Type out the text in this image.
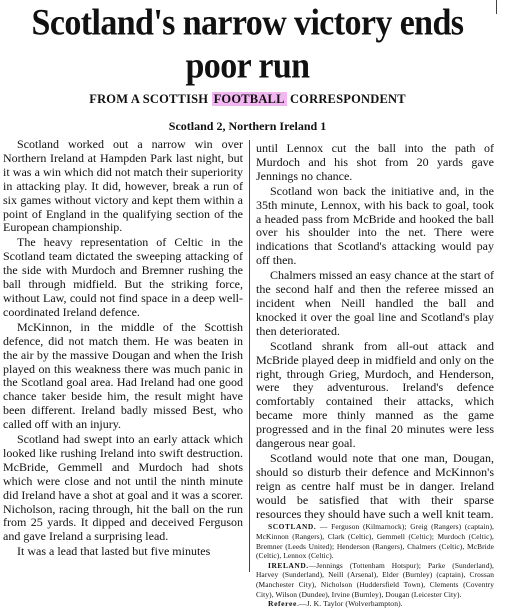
Scotland's narrow victory ends
poor run
FROM A SCOTTISH FOOTBALL CORRESPONDENT
Scotland 2, Northern Ireland 1

Scotland worked out a narrow win over Northern Ireland at Hampden Park last night, but it was a win which did not match their superiority in attacking play. It did, however, break a run of six games without victory and kept them within a point of England in the qualifying section of the European championship.

The heavy representation of Celtic in the Scotland team dictated the sweeping attacking of the side with Murdoch and Bremner rushing the ball through midfield. But the striking force, without Law, could not find space in a deep well-coordinated Ireland defence.

McKinnon, in the middle of the Scottish defence, did not match them. He was beaten in the air by the massive Dougan and when the Irish played on this weakness there was much panic in the Scotland goal area. Had Ireland had one good chance taker beside him, the result might have been different. Ireland badly missed Best, who called off with an injury.

Scotland had swept into an early attack which looked like rushing Ireland into swift destruction. McBride, Gemmell and Murdoch had shots which were close and not until the ninth minute did Ireland have a shot at goal and it was a scorer. Nicholson, racing through, hit the ball on the run from 25 yards. It dipped and deceived Ferguson and gave Ireland a surprising lead.

It was a lead that lasted but five minutes

until Lennox cut the ball into the path of Murdoch and his shot from 20 yards gave Jennings no chance.

Scotland won back the initiative and, in the 35th minute, Lennox, with his back to goal, took a headed pass from McBride and hooked the ball over his shoulder into the net. There were indications that Scotland's attacking would pay off then.

Chalmers missed an easy chance at the start of the second half and then the referee missed an incident when Neill handled the ball and knocked it over the goal line and Scotland's play then deteriorated.

Scotland shrank from all-out attack and McBride played deep in midfield and only on the right, through Grieg, Murdoch, and Henderson, were they adventurous. Ireland's defence comfortably contained their attacks, which became more thinly manned as the game progressed and in the final 20 minutes were less dangerous near goal.

Scotland would note that one man, Dougan, should so disturb their defence and McKinnon's reign as centre half must be in danger. Ireland would be satisfied that with their sparse resources they should have such a well knit team.

SCOTLAND. — Ferguson (Kilmarnock); Greig (Rangers) (captain), McKinnon (Rangers), Clark (Celtic), Gemmell (Celtic); Murdoch (Celtic), Bremner (Leeds United); Henderson (Rangers), Chalmers (Celtic), McBride (Celtic), Lennox (Celtic).

IRELAND.—Jennings (Tottenham Hotspur); Parke (Sunderland), Harvey (Sunderland), Neill (Arsenal), Elder (Burnley) (captain), Crossan (Manchester City), Nicholson (Huddersfield Town), Clements (Coventry City), Wilson (Dundee), Irvine (Burnley), Dougan (Leicester City).

Referee.—J. K. Taylor (Wolverhampton).
